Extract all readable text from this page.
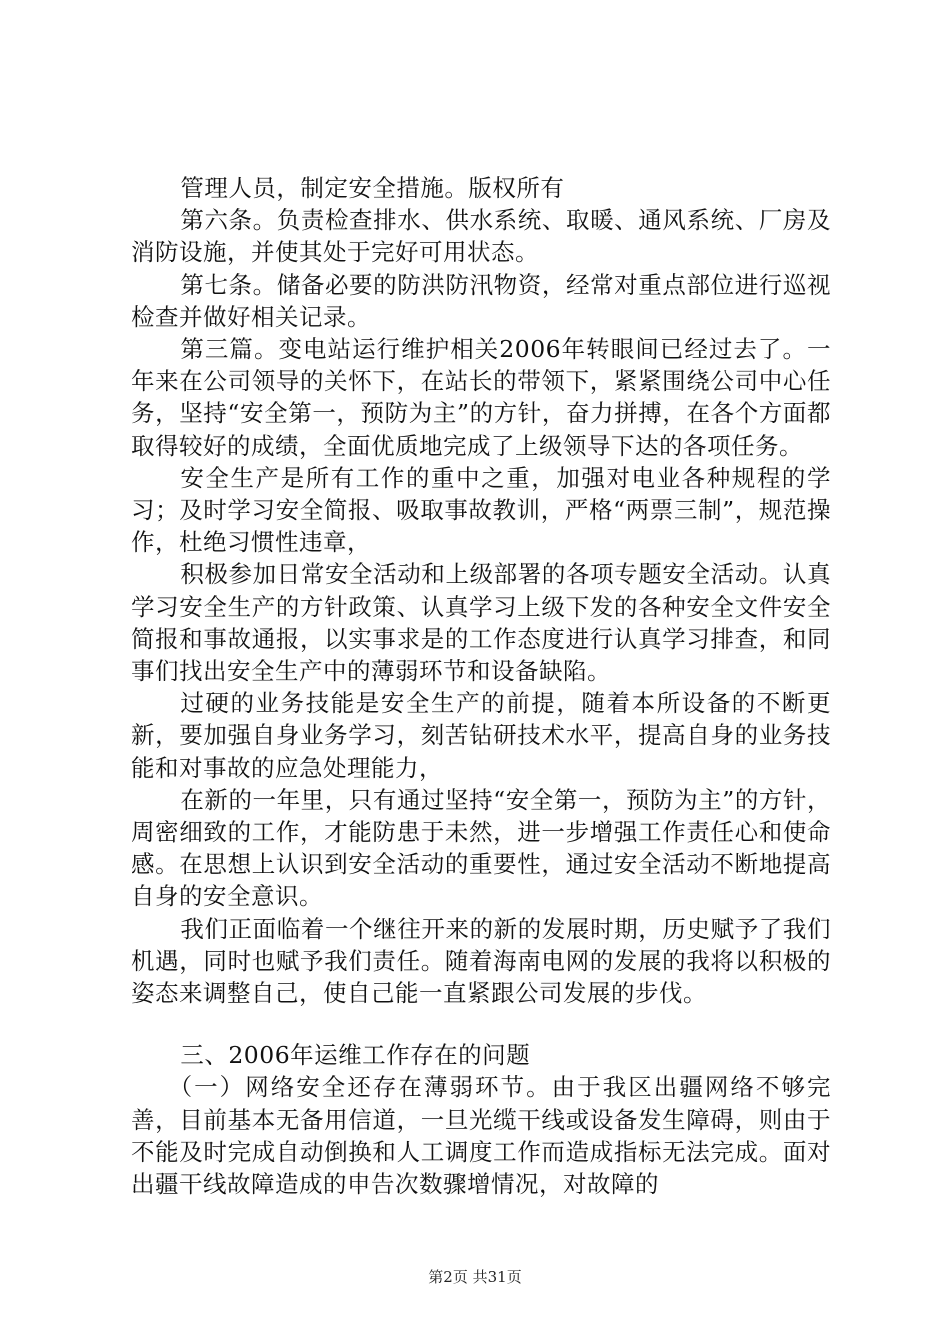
管理人员，制定安全措施。版权所有

第六条。负责检查排水、供水系统、取暖、通风系统、厂房及消防设施，并使其处于完好可用状态。

第七条。储备必要的防洪防汛物资，经常对重点部位进行巡视检查并做好相关记录。

第三篇。变电站运行维护相关2006年转眼间已经过去了。一年来在公司领导的关怀下，在站长的带领下，紧紧围绕公司中心任务，坚持“安全第一，预防为主”的方针，奋力拼搏，在各个方面都取得较好的成绩，全面优质地完成了上级领导下达的各项任务。

安全生产是所有工作的重中之重，加强对电业各种规程的学习；及时学习安全简报、吸取事故教训，严格“两票三制”，规范操作，杜绝习惯性违章，

积极参加日常安全活动和上级部署的各项专题安全活动。认真学习安全生产的方针政策、认真学习上级下发的各种安全文件安全简报和事故通报，以实事求是的工作态度进行认真学习排查，和同事们找出安全生产中的薄弱环节和设备缺陷。

过硬的业务技能是安全生产的前提，随着本所设备的不断更新，要加强自身业务学习，刻苦钻研技术水平，提高自身的业务技能和对事故的应急处理能力，

在新的一年里，只有通过坚持“安全第一，预防为主”的方针，周密细致的工作，才能防患于未然，进一步增强工作责任心和使命感。在思想上认识到安全活动的重要性，通过安全活动不断地提高自身的安全意识。

我们正面临着一个继往开来的新的发展时期，历史赋予了我们机遇，同时也赋予我们责任。随着海南电网的发展的我将以积极的姿态来调整自己，使自己能一直紧跟公司发展的步伐。

三、2006年运维工作存在的问题

（一）网络安全还存在薄弱环节。由于我区出疆网络不够完善，目前基本无备用信道，一旦光缆干线或设备发生障碍，则由于不能及时完成自动倒换和人工调度工作而造成指标无法完成。面对出疆干线故障造成的申告次数骤增情况，对故障的

第2页 共31页
